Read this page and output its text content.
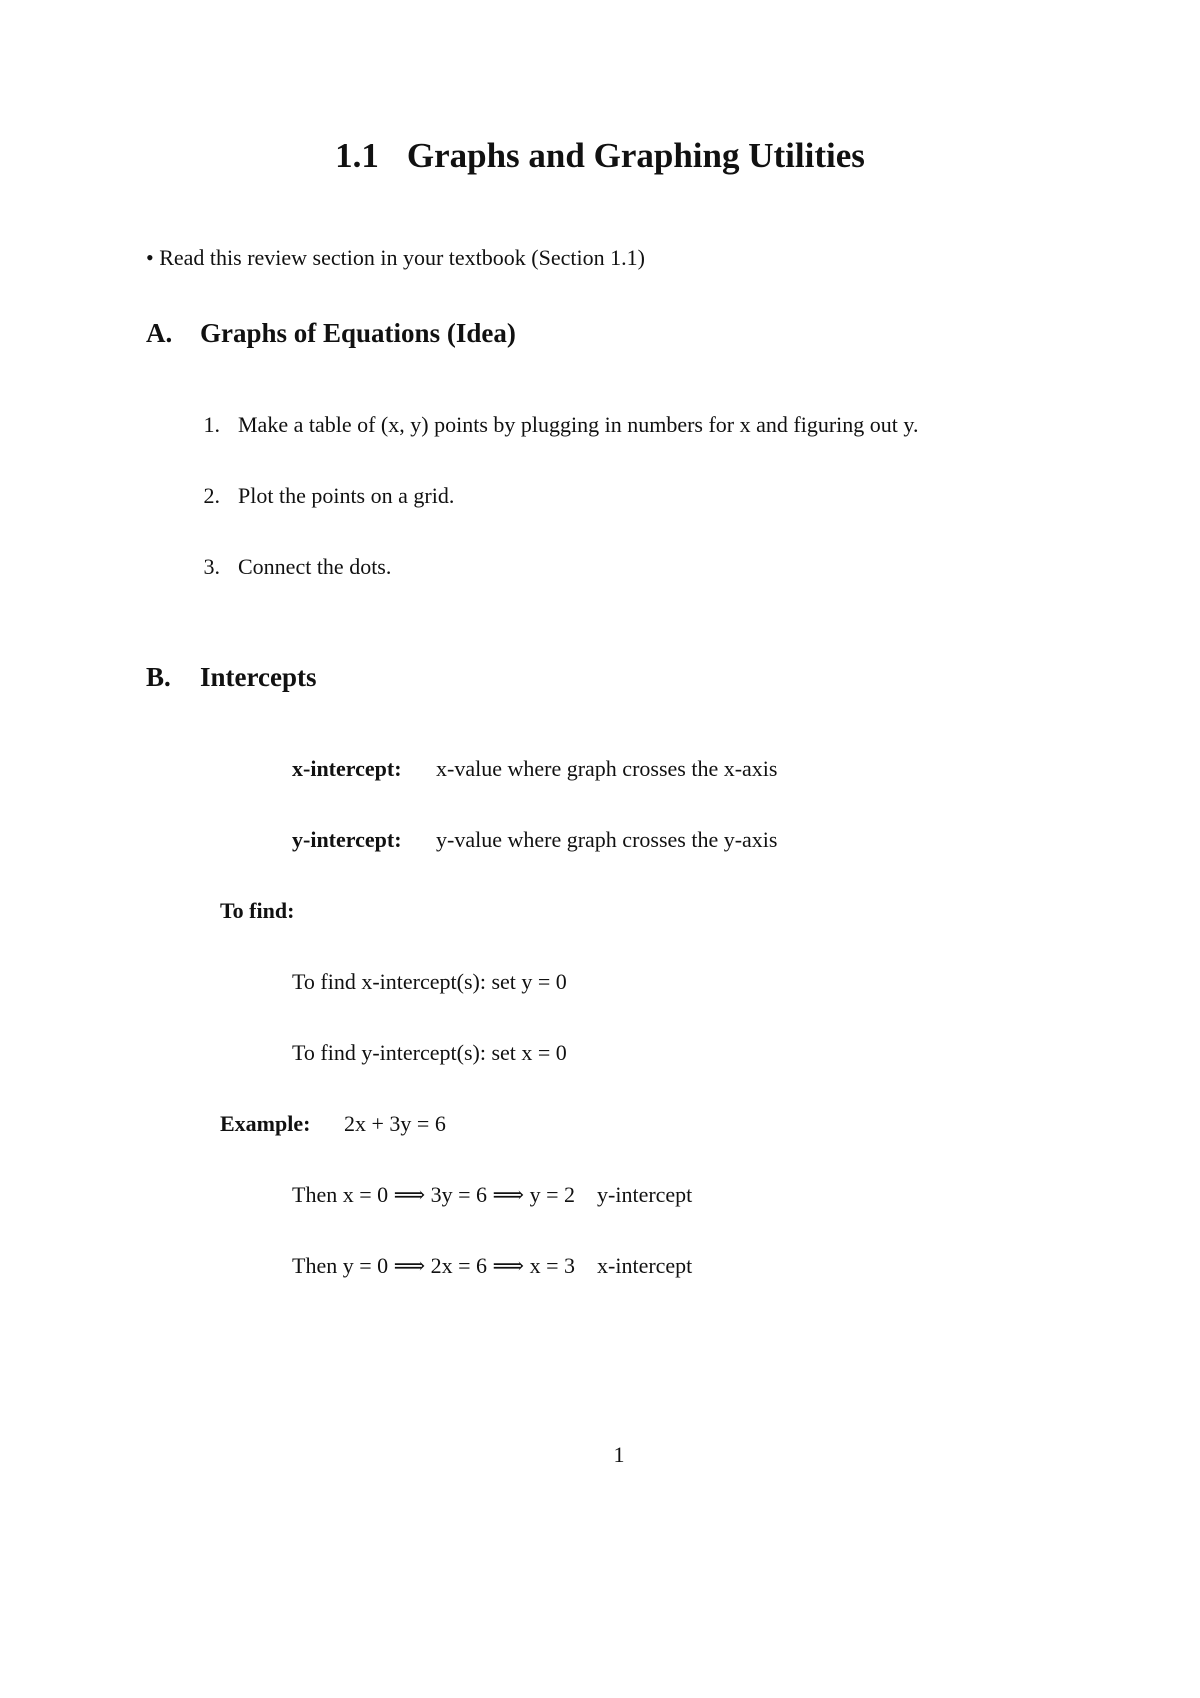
1.1 Graphs and Graphing Utilities
• Read this review section in your textbook (Section 1.1)
A. Graphs of Equations (Idea)
1. Make a table of (x, y) points by plugging in numbers for x and figuring out y.
2. Plot the points on a grid.
3. Connect the dots.
B. Intercepts
x-intercept: x-value where graph crosses the x-axis
y-intercept: y-value where graph crosses the y-axis
To find:
To find x-intercept(s): set y = 0
To find y-intercept(s): set x = 0
Example: 2x + 3y = 6
Then x = 0 ⟹ 3y = 6 ⟹ y = 2 y-intercept
Then y = 0 ⟹ 2x = 6 ⟹ x = 3 x-intercept
1
